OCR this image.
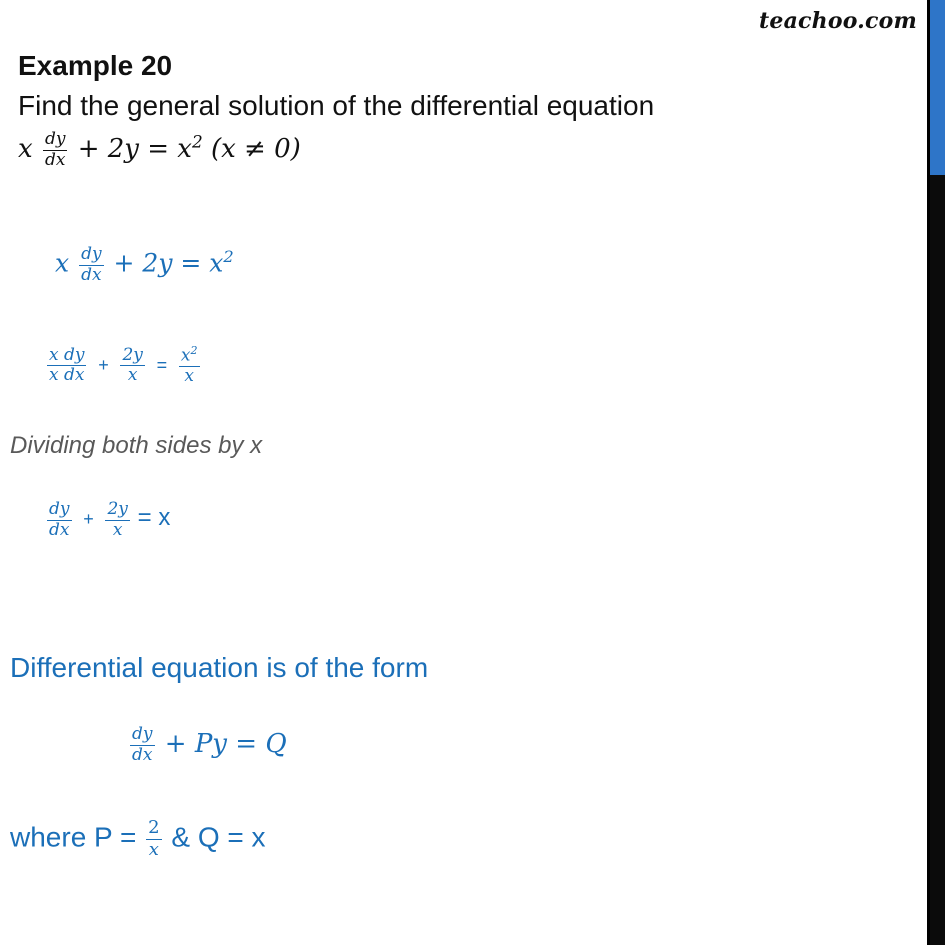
teachoo.com
Example 20
Find the general solution of the differential equation
x $\frac{dy}{dx} + 2y = x^2$ (x ≠ 0)
x $\frac{dy}{dx} + 2y = x^2$
$\frac{\text{x dy}}{\text{x dx}} + \frac{2y}{x} = \frac{x^2}{x}$
Dividing both sides by x
$\frac{dy}{dx} + \frac{2y}{x} = x$
Differential equation is of the form
$\frac{dy}{dx} + Py = Q$
where $P = \frac{2}{x}$ & Q = x
